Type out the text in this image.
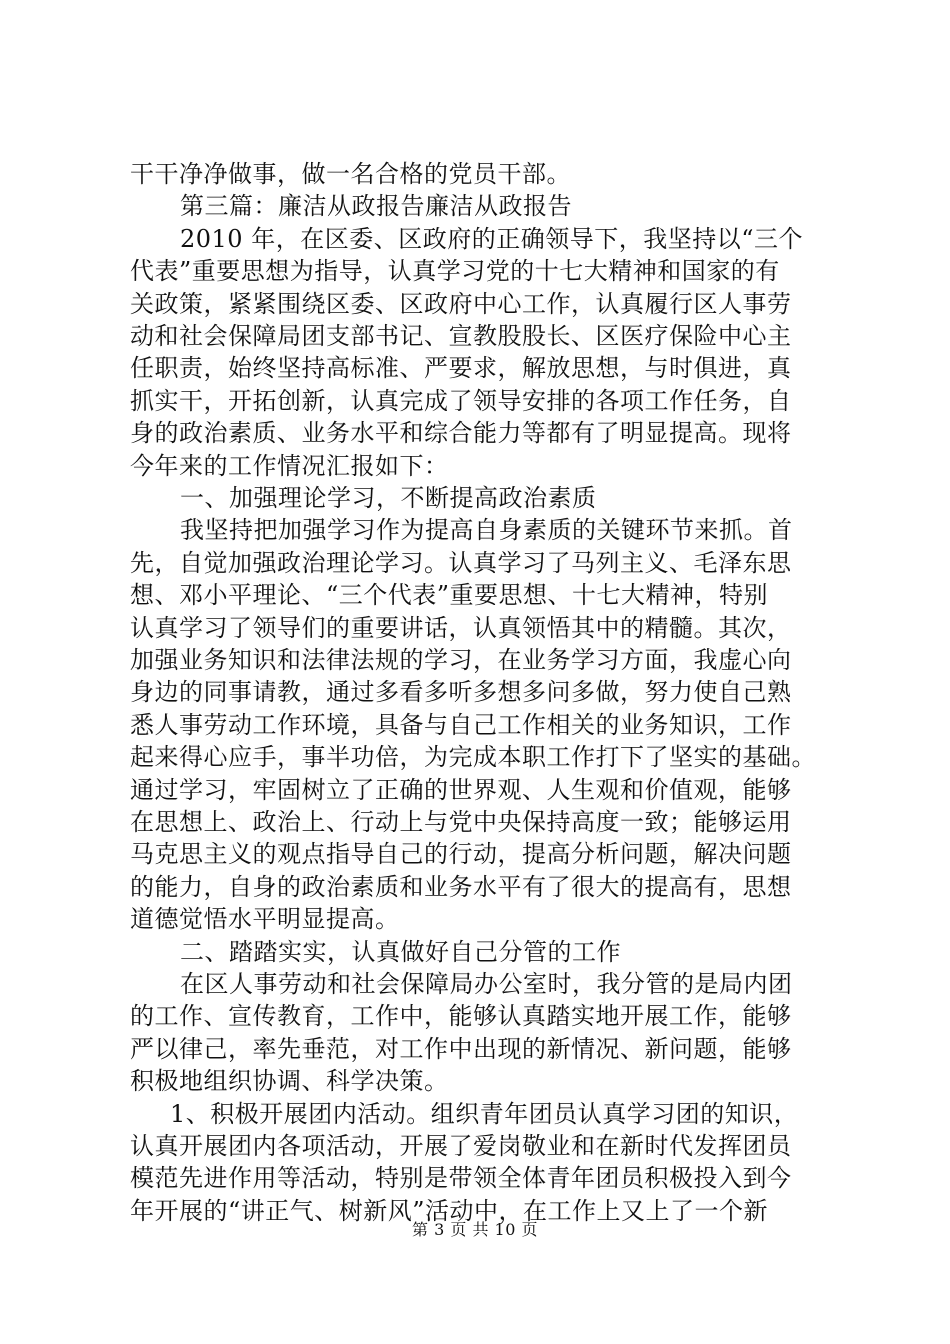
干干净净做事，做一名合格的党员干部。
第三篇：廉洁从政报告廉洁从政报告
2010 年，在区委、区政府的正确领导下，我坚持以“三个
代表”重要思想为指导，认真学习党的十七大精神和国家的有
关政策，紧紧围绕区委、区政府中心工作，认真履行区人事劳
动和社会保障局团支部书记、宣教股股长、区医疗保险中心主
任职责，始终坚持高标准、严要求，解放思想，与时俱进，真
抓实干，开拓创新，认真完成了领导安排的各项工作任务，自
身的政治素质、业务水平和综合能力等都有了明显提高。现将
今年来的工作情况汇报如下：
一、加强理论学习，不断提高政治素质
我坚持把加强学习作为提高自身素质的关键环节来抓。首
先，自觉加强政治理论学习。认真学习了马列主义、毛泽东思
想、邓小平理论、“三个代表”重要思想、十七大精神，特别
认真学习了领导们的重要讲话，认真领悟其中的精髓。其次，
加强业务知识和法律法规的学习，在业务学习方面，我虚心向
身边的同事请教，通过多看多听多想多问多做，努力使自己熟
悉人事劳动工作环境，具备与自己工作相关的业务知识，工作
起来得心应手，事半功倍，为完成本职工作打下了坚实的基础。
通过学习，牢固树立了正确的世界观、人生观和价值观，能够
在思想上、政治上、行动上与党中央保持高度一致；能够运用
马克思主义的观点指导自己的行动，提高分析问题，解决问题
的能力，自身的政治素质和业务水平有了很大的提高有，思想
道德觉悟水平明显提高。
二、踏踏实实，认真做好自己分管的工作
在区人事劳动和社会保障局办公室时，我分管的是局内团
的工作、宣传教育，工作中，能够认真踏实地开展工作，能够
严以律己，率先垂范，对工作中出现的新情况、新问题，能够
积极地组织协调、科学决策。
1、积极开展团内活动。组织青年团员认真学习团的知识，
认真开展团内各项活动，开展了爱岗敬业和在新时代发挥团员
模范先进作用等活动，特别是带领全体青年团员积极投入到今
年开展的“讲正气、树新风”活动中，在工作上又上了一个新
第 3 页 共 10 页
